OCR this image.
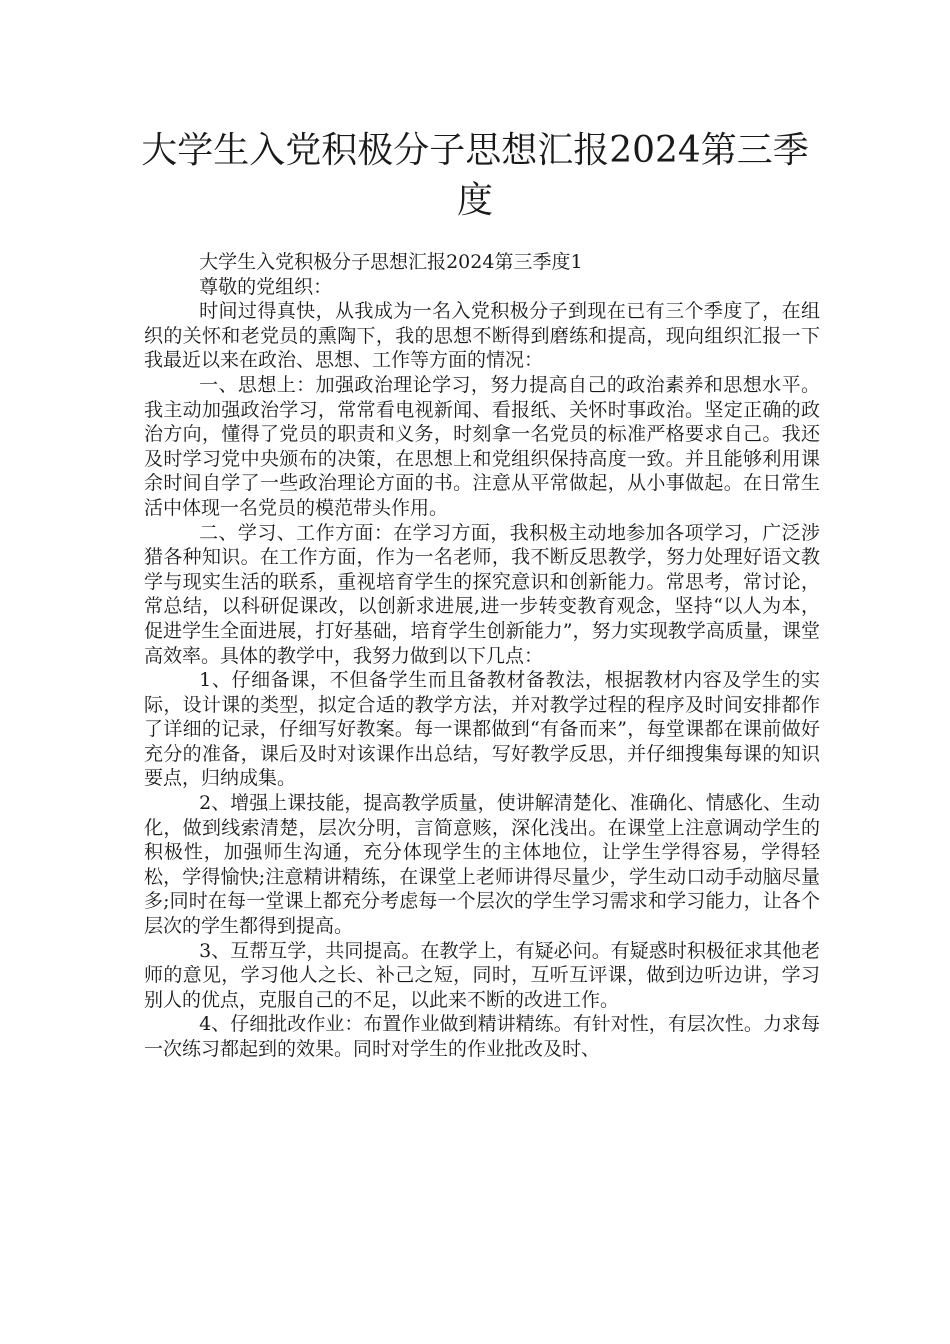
大学生入党积极分子思想汇报2024第三季度

大学生入党积极分子思想汇报2024第三季度1

尊敬的党组织：

时间过得真快，从我成为一名入党积极分子到现在已有三个季度了，在组织的关怀和老党员的熏陶下，我的思想不断得到磨练和提高，现向组织汇报一下我最近以来在政治、思想、工作等方面的情况：

一、思想上：加强政治理论学习，努力提高自己的政治素养和思想水平。我主动加强政治学习，常常看电视新闻、看报纸、关怀时事政治。坚定正确的政治方向，懂得了党员的职责和义务，时刻拿一名党员的标准严格要求自己。我还及时学习党中央颁布的决策，在思想上和党组织保持高度一致。并且能够利用课余时间自学了一些政治理论方面的书。注意从平常做起，从小事做起。在日常生活中体现一名党员的模范带头作用。

二、学习、工作方面：在学习方面，我积极主动地参加各项学习，广泛涉猎各种知识。在工作方面，作为一名老师，我不断反思教学，努力处理好语文教学与现实生活的联系，重视培育学生的探究意识和创新能力。常思考，常讨论，常总结，以科研促课改，以创新求进展,进一步转变教育观念，坚持“以人为本，促进学生全面进展，打好基础，培育学生创新能力”，努力实现教学高质量，课堂高效率。具体的教学中，我努力做到以下几点：

1、仔细备课，不但备学生而且备教材备教法，根据教材内容及学生的实际，设计课的类型，拟定合适的教学方法，并对教学过程的程序及时间安排都作了详细的记录，仔细写好教案。每一课都做到“有备而来”，每堂课都在课前做好充分的准备，课后及时对该课作出总结，写好教学反思，并仔细搜集每课的知识要点，归纳成集。

2、增强上课技能，提高教学质量，使讲解清楚化、准确化、情感化、生动化，做到线索清楚，层次分明，言简意赅，深化浅出。在课堂上注意调动学生的积极性，加强师生沟通，充分体现学生的主体地位，让学生学得容易，学得轻松，学得愉快;注意精讲精练，在课堂上老师讲得尽量少，学生动口动手动脑尽量多;同时在每一堂课上都充分考虑每一个层次的学生学习需求和学习能力，让各个层次的学生都得到提高。

3、互帮互学，共同提高。在教学上，有疑必问。有疑惑时积极征求其他老师的意见，学习他人之长、补己之短，同时，互听互评课，做到边听边讲，学习别人的优点，克服自己的不足，以此来不断的改进工作。

4、仔细批改作业：布置作业做到精讲精练。有针对性，有层次性。力求每一次练习都起到的效果。同时对学生的作业批改及时、
